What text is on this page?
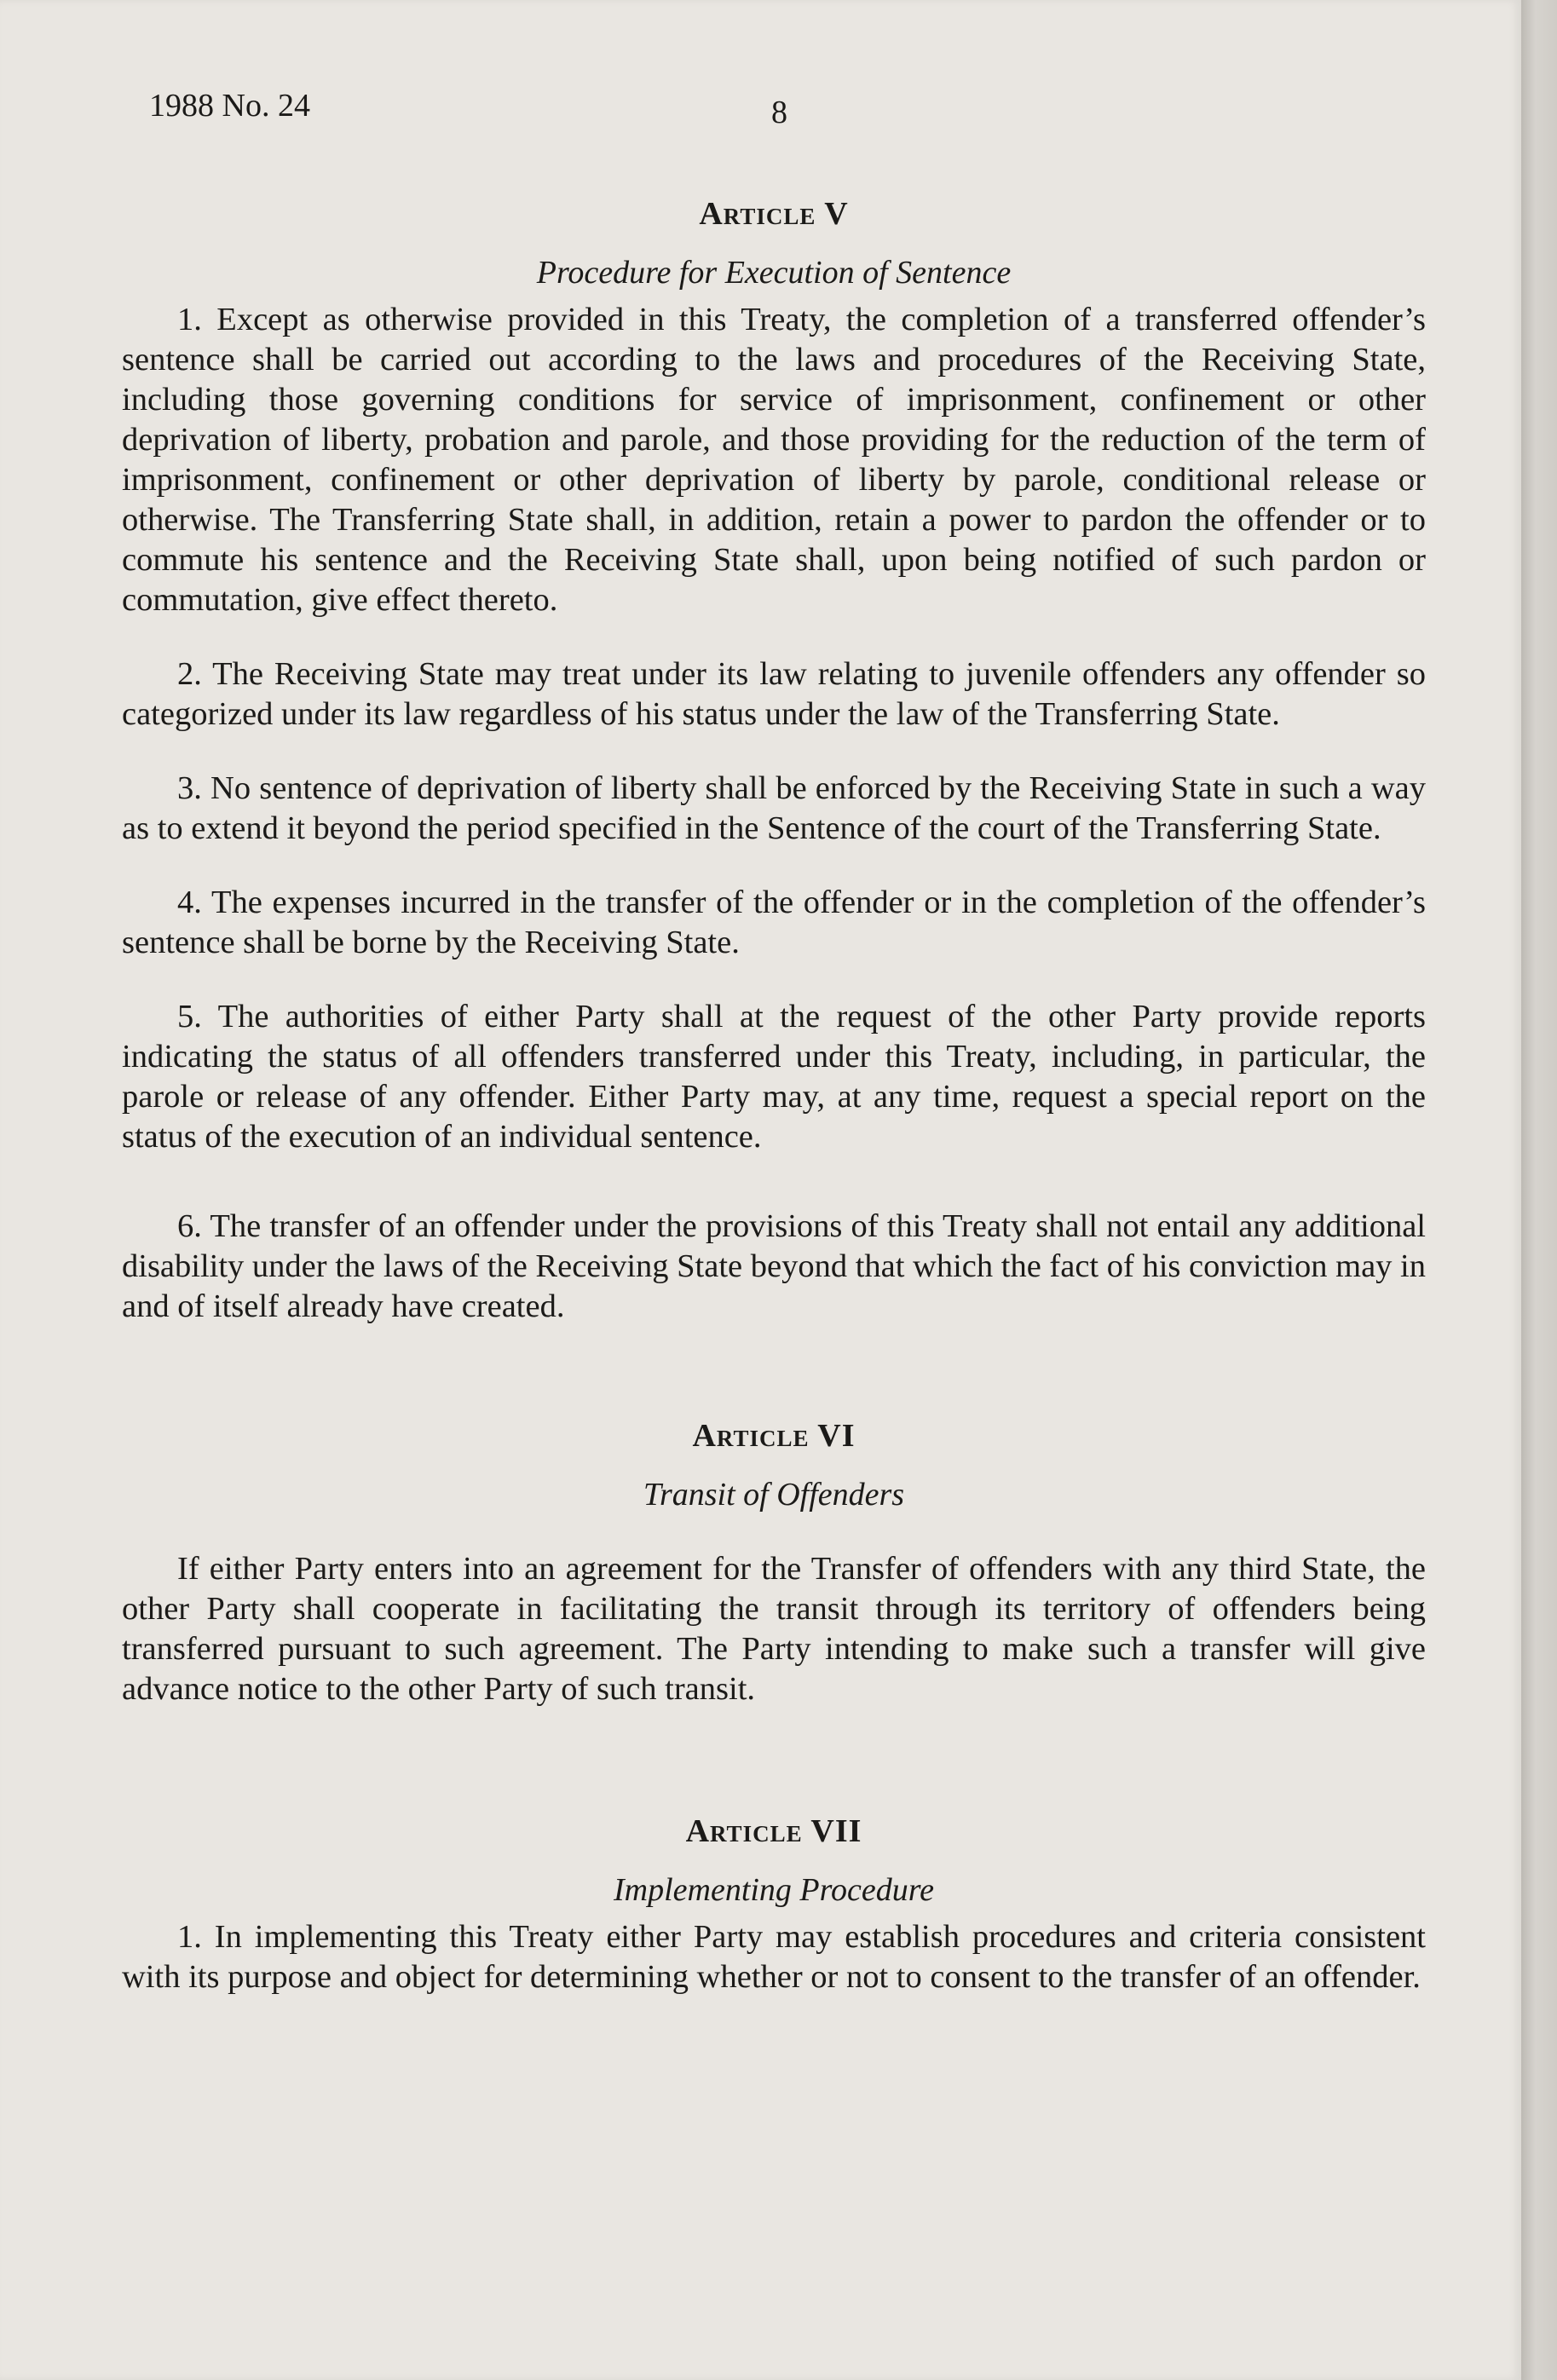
1988 No. 24	8
Article V
Procedure for Execution of Sentence

1. Except as otherwise provided in this Treaty, the completion of a transferred offender’s sentence shall be carried out according to the laws and procedures of the Receiving State, including those governing conditions for service of imprisonment, confinement or other deprivation of liberty, probation and parole, and those providing for the reduction of the term of imprisonment, confinement or other deprivation of liberty by parole, conditional release or otherwise. The Transferring State shall, in addition, retain a power to pardon the offender or to commute his sentence and the Receiving State shall, upon being notified of such pardon or commutation, give effect thereto.

2. The Receiving State may treat under its law relating to juvenile offenders any offender so categorized under its law regardless of his status under the law of the Transferring State.

3. No sentence of deprivation of liberty shall be enforced by the Receiving State in such a way as to extend it beyond the period specified in the Sentence of the court of the Transferring State.

4. The expenses incurred in the transfer of the offender or in the completion of the offender’s sentence shall be borne by the Receiving State.

5. The authorities of either Party shall at the request of the other Party provide reports indicating the status of all offenders transferred under this Treaty, including, in particular, the parole or release of any offender. Either Party may, at any time, request a special report on the status of the execution of an individual sentence.

6. The transfer of an offender under the provisions of this Treaty shall not entail any additional disability under the laws of the Receiving State beyond that which the fact of his conviction may in and of itself already have created.

Article VI
Transit of Offenders

If either Party enters into an agreement for the Transfer of offenders with any third State, the other Party shall cooperate in facilitating the transit through its territory of offenders being transferred pursuant to such agreement. The Party intending to make such a transfer will give advance notice to the other Party of such transit.

Article VII
Implementing Procedure

1. In implementing this Treaty either Party may establish procedures and criteria consistent with its purpose and object for determining whether or not to consent to the transfer of an offender.
